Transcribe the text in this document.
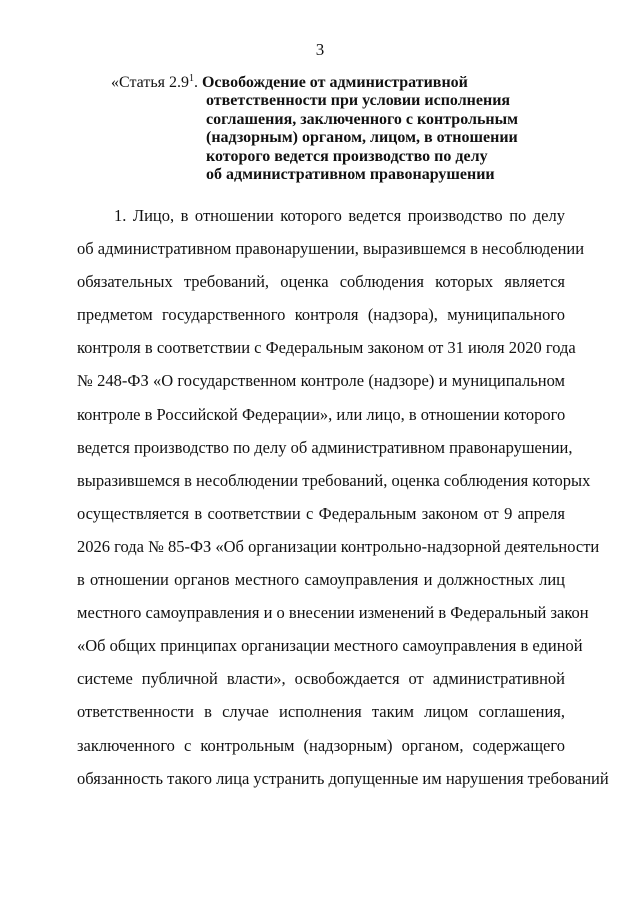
3
«Статья $2.9^1$. Освобождение от административной
ответственности при условии исполнения
соглашения, заключенного с контрольным
(надзорным) органом, лицом, в отношении
которого ведется производство по делу
об административном правонарушении
1. Лицо, в отношении которого ведется производство по делу
об административном правонарушении, выразившемся в несоблюдении
обязательных требований, оценка соблюдения которых является
предметом государственного контроля (надзора), муниципального
контроля в соответствии с Федеральным законом от 31 июля 2020 года
№ 248-ФЗ «О государственном контроле (надзоре) и муниципальном
контроле в Российской Федерации», или лицо, в отношении которого
ведется производство по делу об административном правонарушении,
выразившемся в несоблюдении требований, оценка соблюдения которых
осуществляется в соответствии с Федеральным законом от 9 апреля
2026 года № 85-ФЗ «Об организации контрольно-надзорной деятельности
в отношении органов местного самоуправления и должностных лиц
местного самоуправления и о внесении изменений в Федеральный закон
«Об общих принципах организации местного самоуправления в единой
системе публичной власти», освобождается от административной
ответственности в случае исполнения таким лицом соглашения,
заключенного с контрольным (надзорным) органом, содержащего
обязанность такого лица устранить допущенные им нарушения требований
